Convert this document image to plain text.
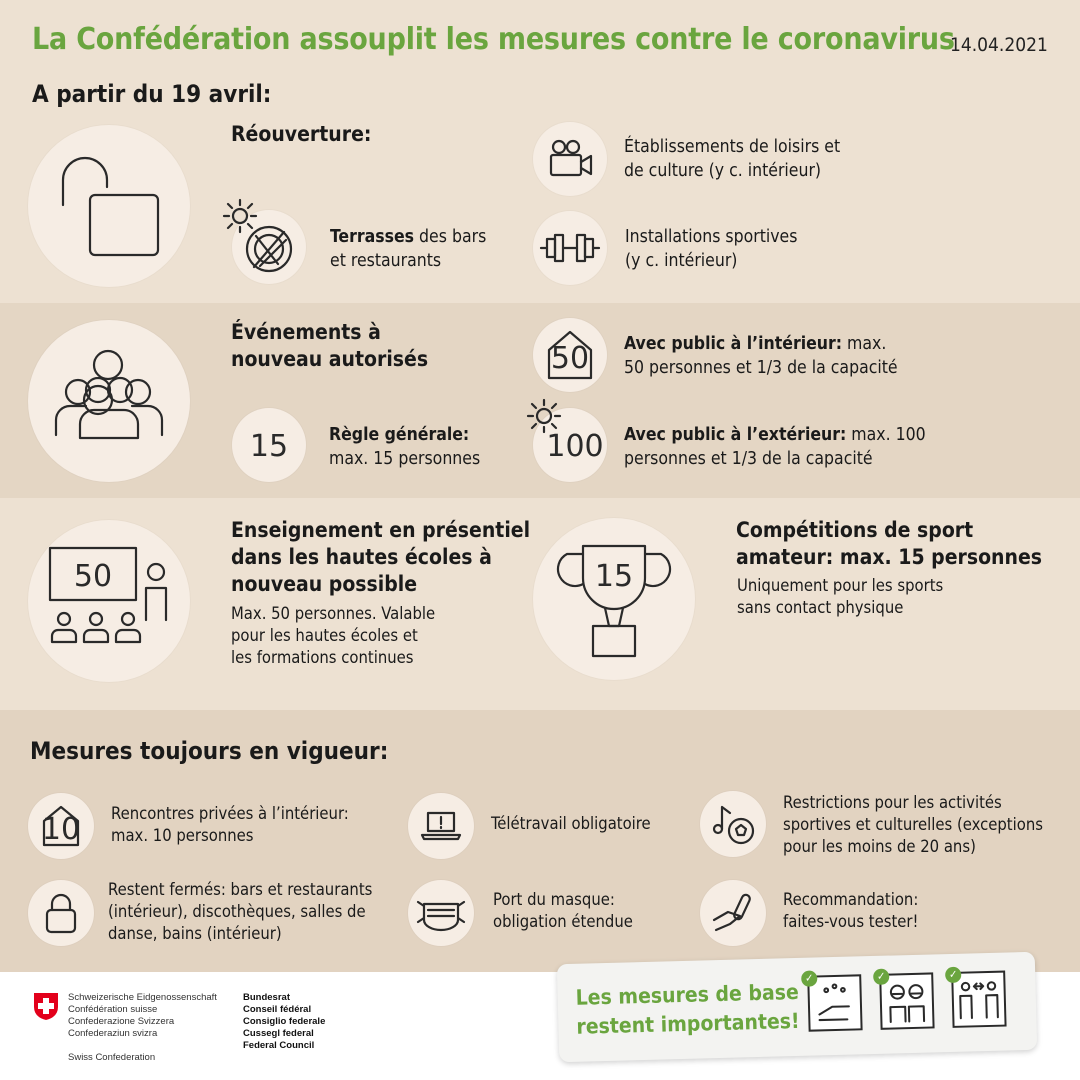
La Confédération assouplit les mesures contre le coronavirus
14.04.2021
A partir du 19 avril:
Réouverture:
Établissements de loisirs et
de culture (y c. intérieur)
Terrasses des bars
et restaurants
Installations sportives
(y c. intérieur)
Événements à
nouveau autorisés	50 Avec public à l’intérieur: max.
50 personnes et 1/3 de la capacité
15 Règle générale:
max. 15 personnes 100 Avec public à l’extérieur: max. 100
personnes et 1/3 de la capacité
50
Enseignement en présentiel
dans les hautes écoles à
nouveau possible
Max. 50 personnes. Valable
pour les hautes écoles et
les formations continues
15
Compétitions de sport
amateur: max. 15 personnes
Uniquement pour les sports
sans contact physique
Mesures toujours en vigueur:
10 Rencontres privées à l’intérieur:
max. 10 personnes
Télétravail obligatoire
Restrictions pour les activités
sportives et culturelles (exceptions
pour les moins de 20 ans)
Restent fermés: bars et restaurants
(intérieur), discothèques, salles de
danse, bains (intérieur)
Port du masque:
obligation étendue
Recommandation:
faites-vous tester!
Schweizerische Eidgenossenschaft
Confédération suisse
Confederazione Svizzera
Confederaziun svizra
Swiss Confederation
Bundesrat
Conseil fédéral
Consiglio federale
Cussegl federal
Federal Council
Les mesures de base
restent importantes!
✓	✓	✓
